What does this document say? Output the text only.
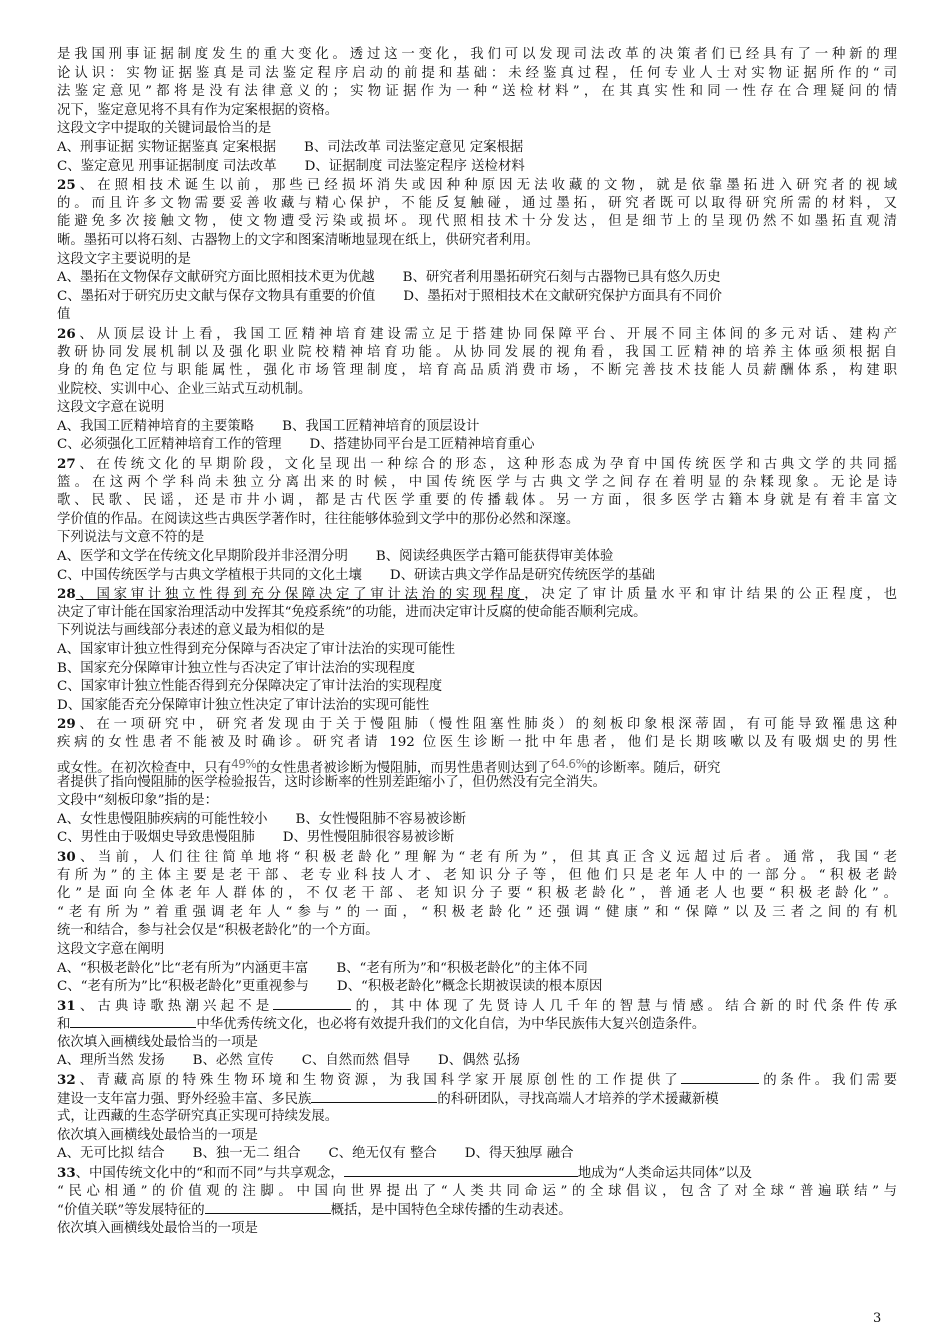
是我国刑事证据制度发生的重大变化。透过这一变化，我们可以发现司法改革的决策者们已经具有了一种新的理
论认识：实物证据鉴真是司法鉴定程序启动的前提和基础：未经鉴真过程，任何专业人士对实物证据所作的“司
法鉴定意见”都将是没有法律意义的；实物证据作为一种“送检材料”，在其真实性和同一性存在合理疑问的情
况下，鉴定意见将不具有作为定案根据的资格。
这段文字中提取的关键词最恰当的是
A、刑事证据 实物证据鉴真 定案根据 B、司法改革 司法鉴定意见 定案根据
C、鉴定意见 刑事证据制度 司法改革 D、证据制度 司法鉴定程序 送检材料
25、在照相技术诞生以前，那些已经损坏消失或因种种原因无法收藏的文物，就是依靠墨拓进入研究者的视域
的。而且许多文物需要妥善收藏与精心保护，不能反复触碰，通过墨拓，研究者既可以取得研究所需的材料，又
能避免多次接触文物，使文物遭受污染或损坏。现代照相技术十分发达，但是细节上的呈现仍然不如墨拓直观清
晰。墨拓可以将石刻、古器物上的文字和图案清晰地显现在纸上，供研究者利用。
这段文字主要说明的是
A、墨拓在文物保存文献研究方面比照相技术更为优越 B、研究者利用墨拓研究石刻与古器物已具有悠久历史
C、墨拓对于研究历史文献与保存文物具有重要的价值 D、墨拓对于照相技术在文献研究保护方面具有不同价
值
26、从顶层设计上看，我国工匠精神培育建设需立足于搭建协同保障平台、开展不同主体间的多元对话、建构产
教研协同发展机制以及强化职业院校精神培育功能。从协同发展的视角看，我国工匠精神的培养主体亟须根据自
身的角色定位与职能属性，强化市场管理制度，培育高品质消费市场，不断完善技术技能人员薪酬体系，构建职
业院校、实训中心、企业三站式互动机制。
这段文字意在说明
A、我国工匠精神培育的主要策略 B、我国工匠精神培育的顶层设计
C、必须强化工匠精神培育工作的管理 D、搭建协同平台是工匠精神培育重心
27、在传统文化的早期阶段，文化呈现出一种综合的形态，这种形态成为孕育中国传统医学和古典文学的共同摇
篮。在这两个学科尚未独立分离出来的时候，中国传统医学与古典文学之间存在着明显的杂糅现象。无论是诗
歌、民歌、民谣，还是市井小调，都是古代医学重要的传播载体。另一方面，很多医学古籍本身就是有着丰富文
学价值的作品。在阅读这些古典医学著作时，往往能够体验到文学中的那份必然和深邃。
下列说法与文意不符的是
A、医学和文学在传统文化早期阶段并非泾渭分明 B、阅读经典医学古籍可能获得审美体验
C、中国传统医学与古典文学植根于共同的文化土壤 D、研读古典文学作品是研究传统医学的基础
28、国家审计独立性得到充分保障决定了审计法治的实现程度，决定了审计质量水平和审计结果的公正程度，也
决定了审计能在国家治理活动中发挥其“免疫系统”的功能，进而决定审计反腐的使命能否顺利完成。
下列说法与画线部分表述的意义最为相似的是
A、国家审计独立性得到充分保障与否决定了审计法治的实现可能性
B、国家充分保障审计独立性与否决定了审计法治的实现程度
C、国家审计独立性能否得到充分保障决定了审计法治的实现程度
D、国家能否充分保障审计独立性决定了审计法治的实现可能性
29、在一项研究中，研究者发现由于关于慢阻肺（慢性阻塞性肺炎）的刻板印象根深蒂固，有可能导致罹患这种
疾病的女性患者不能被及时确诊。研究者请 192 位医生诊断一批中年患者，他们是长期咳嗽以及有吸烟史的男性
或女性。在初次检查中，只有49%的女性患者被诊断为慢阻肺，而男性患者则达到了64.6%的诊断率。随后，研究
者提供了指向慢阻肺的医学检验报告，这时诊断率的性别差距缩小了，但仍然没有完全消失。
文段中“刻板印象”指的是：
A、女性患慢阻肺疾病的可能性较小 B、女性慢阻肺不容易被诊断
C、男性由于吸烟史导致患慢阻肺 D、男性慢阻肺很容易被诊断
30、当前，人们往往简单地将“积极老龄化”理解为“老有所为”，但其真正含义远超过后者。通常，我国“老
有所为”的主体主要是老干部、老专业科技人才、老知识分子等，但他们只是老年人中的一部分。“积极老龄
化”是面向全体老年人群体的，不仅老干部、老知识分子要“积极老龄化”，普通老人也要“积极老龄化”。
“老有所为”着重强调老年人“参与”的一面，“积极老龄化”还强调“健康”和“保障”以及三者之间的有机
统一和结合，参与社会仅是“积极老龄化”的一个方面。
这段文字意在阐明
A、“积极老龄化”比“老有所为”内涵更丰富 B、“老有所为”和“积极老龄化”的主体不同
C、“老有所为”比“积极老龄化”更重视参与 D、“积极老龄化”概念长期被误读的根本原因
31、古典诗歌热潮兴起不是	的，其中体现了先贤诗人几千年的智慧与情感。结合新的时代条件传承
和	中华优秀传统文化，也必将有效提升我们的文化自信，为中华民族伟大复兴创造条件。
依次填入画横线处最恰当的一项是
A、理所当然 发扬 B、必然 宣传 C、自然而然 倡导 D、偶然 弘扬
32、青藏高原的特殊生物环境和生物资源，为我国科学家开展原创性的工作提供了	的条件。我们需要
建设一支年富力强、野外经验丰富、多民族	的科研团队，寻找高端人才培养的学术援藏新模
式，让西藏的生态学研究真正实现可持续发展。
依次填入画横线处最恰当的一项是
A、无可比拟 结合 B、独一无二 组合 C、绝无仅有 整合 D、得天独厚 融合
33、中国传统文化中的“和而不同”与共享观念，	地成为“人类命运共同体”以及
“民心相通”的价值观的注脚。中国向世界提出了“人类共同命运”的全球倡议，包含了对全球“普遍联结”与
“价值关联”等发展特征的	概括，是中国特色全球传播的生动表述。
依次填入画横线处最恰当的一项是
3
